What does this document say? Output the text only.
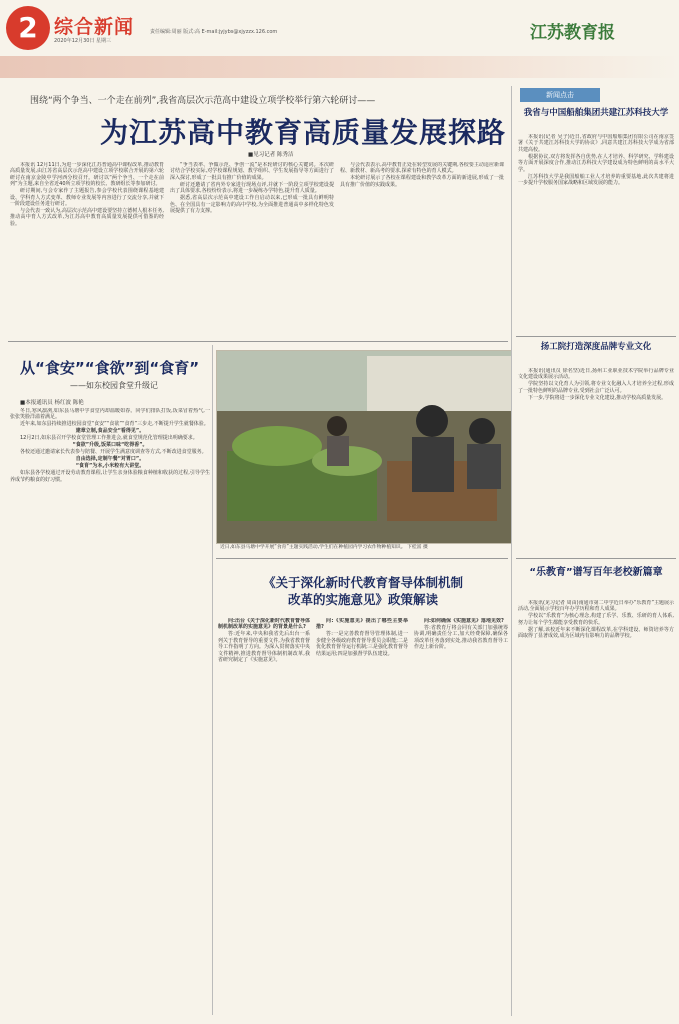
2 综合新闻
2020年12月30日 星期三
责任编辑:周丽 版式:高 E-mail:jyjybs@xjyzzx.126.com	江苏教育报
围绕“两个争当、一个走在前列”,我省高层次示范高中建设立项学校举行第六轮研讨——
为江苏高中教育高质量发展探路
■见习记者 陈秀洁

本报讯 12月11日,为进一步深化江苏普通高中课程改革,推动教育高质量发展,由江苏省高层次示范高中建设立项学校联合开展的第六轮研讨在南京金陵中学河西分校召开。研讨以“两个争当、一个走在前列”为主题,来自全省近40所立项学校的校长、教研组长等参加研讨。

研讨期间,与会专家作了主题报告,参会学校代表围绕课程基地建设、学科育人方式变革、教师专业发展等内容进行了交流分享,并就下一阶段建设任务进行研讨。

与会代表一致认为,高层次示范高中建设要坚持立德树人根本任务,推动高中育人方式改革,为江苏高中教育高质量发展提供可借鉴的经验。

“争当表率、争做示范、争创一流”是本轮研讨的核心关键词。本次研讨结合学校实际,对学校课程规划、教学组织、学生发展指导等方面进行了深入探讨,形成了一批具有推广价值的成果。

研讨还邀请了省内外专家进行现场点评,并就下一阶段立项学校建设提出了具体要求,各校纷纷表示,将进一步凝练办学特色,提升育人质量。

据悉,省高层次示范高中建设工作自启动以来,已形成一批具有鲜明特色、在全国具有一定影响力的高中学校,为全面推进普通高中多样化特色发展提供了有力支撑。

与会代表表示,高中教育正处在转型发展的关键期,各校要主动适应新课程、新教材、新高考的要求,探索有特色的育人模式。

本轮研讨展示了各校在课程建设和教学改革方面的新进展,形成了一批具有推广价值的实践成果。

从“食安”“食欲”到“食育”
——如东校园食堂升级记
■本报通讯员 杨红波 陈艳

冬日,寒风凛冽,如东县马塘中学食堂内却温暖如春。同学们排队打饭,饭菜冒着热气,一张张笑脸洋溢着满足。

近年来,如东县持续推进校园食堂“食安”“食欲”“食育”三步走,不断提升学生就餐体验。

建章立制,食品安全“看得见”。

12月2日,如东县召开学校食堂管理工作推进会,就食堂规范化管理提出明确要求。

“食欲”升级,饭菜口味“吃得香”。

各校还通过邀请家长代表参与陪餐、开展学生满意度调查等方式,不断改进食堂服务。

自由选择,定制午餐“对胃口”。

“食育”为本,小米粒有大讲堂。

如东县各学校通过开设劳动教育课程,让学生亲身体验粮食种植和收获的过程,引导学生养成节约粮食的好习惯。

近日,如东县马塘中学开展“食育”主题实践活动,学生们在种植园内学习农作物种植知识。 下桂富 摄
《关于深化新时代教育督导体制机制
改革的实施意见》政策解读

问:出台《关于深化新时代教育督导体制机制改革的实施意见》的背景是什么?

答:近年来,中央和我省先后出台一系列关于教育督导的重要文件,为我省教育督导工作指明了方向。为深入贯彻落实中央文件精神,推进教育督导体制机制改革,我省研究制定了《实施意见》。

问:《实施意见》提出了哪些主要举措?

答:一是完善教育督导管理体制,进一步健全各级政府教育督导委员会职能;二是优化教育督导运行机制;三是强化教育督导结果运用;四是加强督学队伍建设。

问:如何确保《实施意见》落地见效?

答:省教育厅将会同有关部门加强统筹协调,明确责任分工,加大经费保障,确保各项改革任务落到实处,推动我省教育督导工作迈上新台阶。

新闻点击
我省与中国船舶集团共建江苏科技大学

本报讯(记者 吴子)近日,省政府与中国船舶集团有限公司在南京签署《关于共建江苏科技大学的协议》,同意共建江苏科技大学成为省部共建高校。

根据协议,双方将发挥各自优势,在人才培养、科学研究、学科建设等方面开展深度合作,推动江苏科技大学建设成为特色鲜明的高水平大学。

江苏科技大学是我国船舶工业人才培养的重要基地,此次共建将进一步提升学校服务国家战略和区域发展的能力。

扬工院打造深度品牌专业文化

本报讯(通讯员 徐名坚)近日,扬州工业职业技术学院举行品牌专业文化建设成果展示活动。

学院坚持以文化育人为引领,将专业文化融入人才培养全过程,形成了一批特色鲜明的品牌专业,受到社会广泛认可。

下一步,学院将进一步深化专业文化建设,推动学校高质量发展。

“乐教育”谱写百年老校新篇章

本报讯(见习记者 周由)南通市第二中学近日举办“乐教育”主题展示活动,全面展示学校百年办学历程和育人成果。

学校以“乐教育”为核心理念,构建了乐学、乐教、乐研的育人体系,努力让每个学生都能享受教育的快乐。

据了解,该校近年来不断深化课程改革,在学科建设、师资培养等方面取得了显著成效,成为区域内有影响力的品牌学校。
